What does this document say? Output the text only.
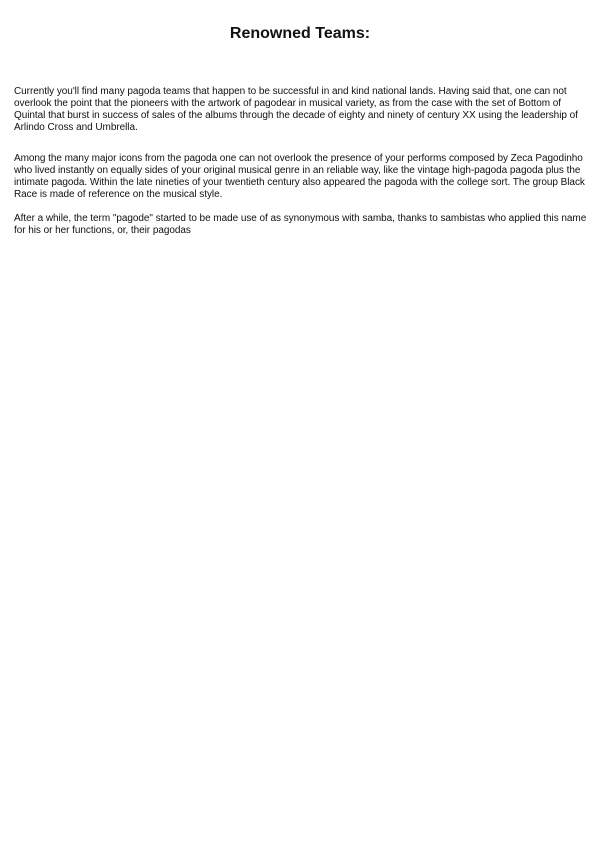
Renowned Teams:

Currently you'll find many pagoda teams that happen to be successful in and kind national lands. Having said that, one can not overlook the point that the pioneers with the artwork of pagodear in musical variety, as from the case with the set of Bottom of Quintal that burst in success of sales of the albums through the decade of eighty and ninety of century XX using the leadership of Arlindo Cross and Umbrella.

Among the many major icons from the pagoda one can not overlook the presence of your performs composed by Zeca Pagodinho who lived instantly on equally sides of your original musical genre in an reliable way, like the vintage high-pagoda pagoda plus the intimate pagoda. Within the late nineties of your twentieth century also appeared the pagoda with the college sort. The group Black Race is made of reference on the musical style.

After a while, the term "pagode" started to be made use of as synonymous with samba, thanks to sambistas who applied this name for his or her functions, or, their pagodas
